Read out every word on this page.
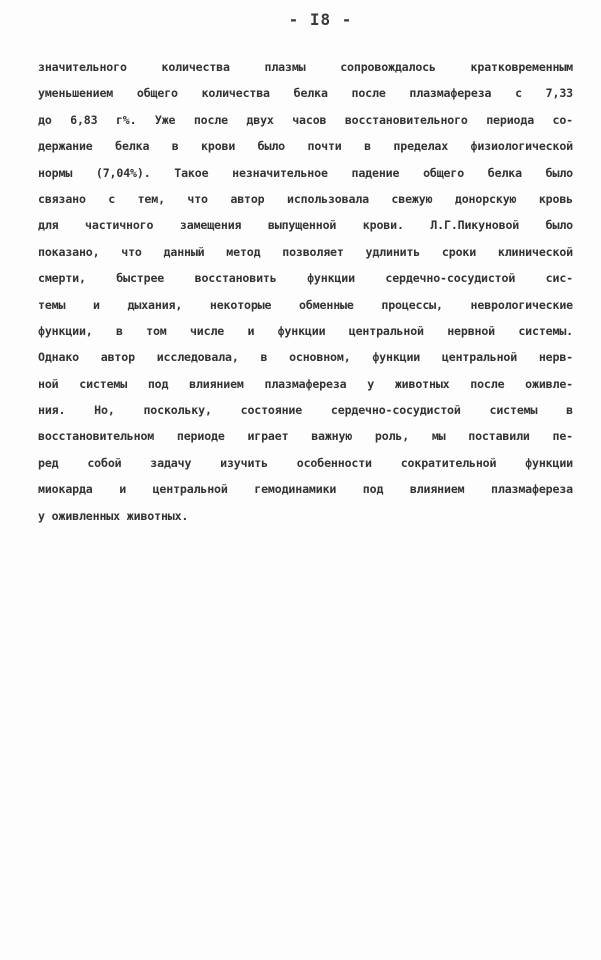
- I8 -
значительного количества плазмы сопровождалось кратковременным
уменьшением общего количества белка после плазмафереза с 7,33
до 6,83 г%. Уже после двух часов восстановительного периода со-
держание белка в крови было почти в пределах физиологической
нормы (7,04%). Такое незначительное падение общего белка было
связано с тем, что автор использовала свежую донорскую кровь
для частичного замещения выпущенной крови. Л.Г.Пикуновой было
показано, что данный метод позволяет удлинить сроки клинической
смерти, быстрее восстановить функции сердечно-сосудистой сис-
темы и дыхания, некоторые обменные процессы, неврологические
функции, в том числе и функции центральной нервной системы.
Однако автор исследовала, в основном, функции центральной нерв-
ной системы под влиянием плазмафереза у животных после оживле-
ния. Но, поскольку, состояние сердечно-сосудистой системы в
восстановительном периоде играет важную роль, мы поставили пе-
ред собой задачу изучить особенности сократительной функции
миокарда и центральной гемодинамики под влиянием плазмафереза
у оживленных животных.
